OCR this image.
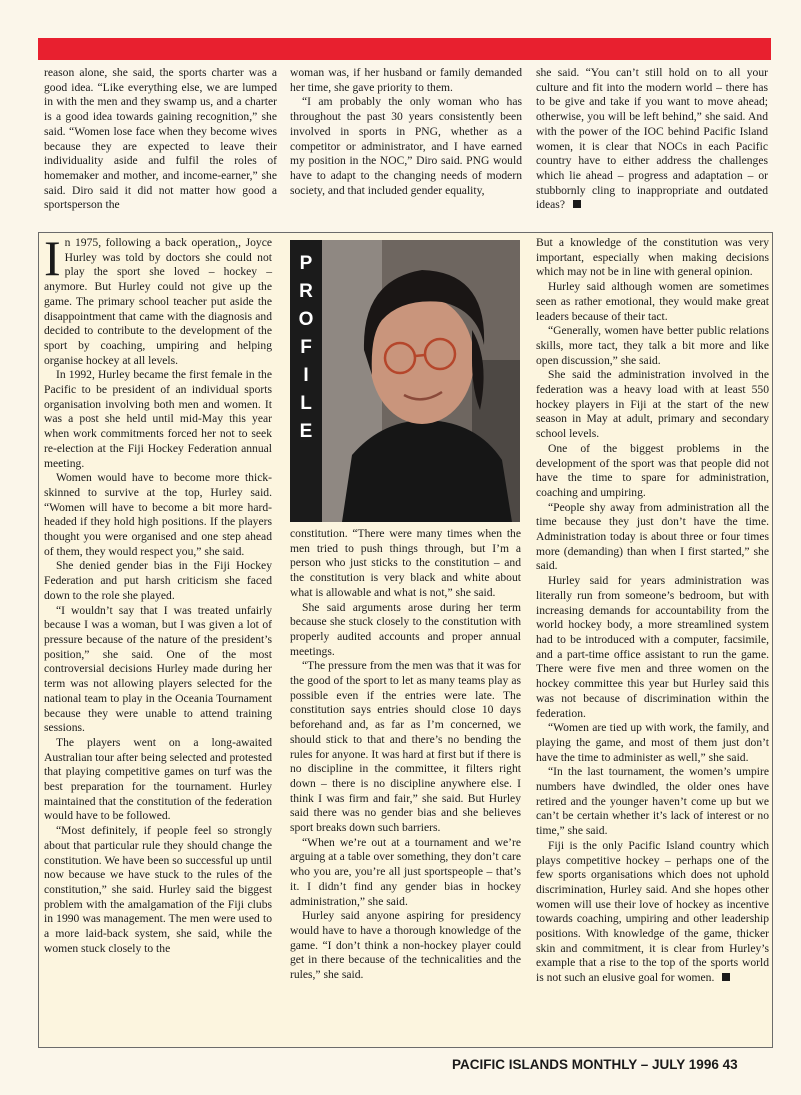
reason alone, she said, the sports charter was a good idea. “Like everything else, we are lumped in with the men and they swamp us, and a charter is a good idea towards gaining recognition,” she said. “Women lose face when they become wives because they are expected to leave their individuality aside and fulfil the roles of homemaker and mother, and income-earner,” she said. Diro said it did not matter how good a sportsperson the

woman was, if her husband or family demanded her time, she gave priority to them.

“I am probably the only woman who has throughout the past 30 years consistently been involved in sports in PNG, whether as a competitor or administrator, and I have earned my position in the NOC,” Diro said. PNG would have to adapt to the changing needs of modern society, and that included gender equality,

she said. “You can’t still hold on to all your culture and fit into the modern world – there has to be give and take if you want to move ahead; otherwise, you will be left behind,” she said. And with the power of the IOC behind Pacific Island women, it is clear that NOCs in each Pacific country have to either address the challenges which lie ahead – progress and adaptation – or stubbornly cling to inappropriate and outdated ideas?

P
R
O
F
I
L
E

In 1975, following a back operation,, Joyce Hurley was told by doctors she could not play the sport she loved – hockey – anymore. But Hurley could not give up the game. The primary school teacher put aside the disappointment that came with the diagnosis and decided to contribute to the development of the sport by coaching, umpiring and helping organise hockey at all levels.

In 1992, Hurley became the first female in the Pacific to be president of an individual sports organisation involving both men and women. It was a post she held until mid-May this year when work commitments forced her not to seek re-election at the Fiji Hockey Federation annual meeting.

Women would have to become more thick-skinned to survive at the top, Hurley said. “Women will have to become a bit more hard-headed if they hold high positions. If the players thought you were organised and one step ahead of them, they would respect you,” she said.

She denied gender bias in the Fiji Hockey Federation and put harsh criticism she faced down to the role she played.

“I wouldn’t say that I was treated unfairly because I was a woman, but I was given a lot of pressure because of the nature of the president’s position,” she said. One of the most controversial decisions Hurley made during her term was not allowing players selected for the national team to play in the Oceania Tournament because they were unable to attend training sessions.

The players went on a long-awaited Australian tour after being selected and protested that playing competitive games on turf was the best preparation for the tournament. Hurley maintained that the constitution of the federation would have to be followed.

“Most definitely, if people feel so strongly about that particular rule they should change the constitution. We have been so successful up until now because we have stuck to the rules of the constitution,” she said. Hurley said the biggest problem with the amalgamation of the Fiji clubs in 1990 was management. The men were used to a more laid-back system, she said, while the women stuck closely to the

constitution. “There were many times when the men tried to push things through, but I’m a person who just sticks to the constitution – and the constitution is very black and white about what is allowable and what is not,” she said.

She said arguments arose during her term because she stuck closely to the constitution with properly audited accounts and proper annual meetings.

“The pressure from the men was that it was for the good of the sport to let as many teams play as possible even if the entries were late. The constitution says entries should close 10 days beforehand and, as far as I’m concerned, we should stick to that and there’s no bending the rules for anyone. It was hard at first but if there is no discipline in the committee, it filters right down – there is no discipline anywhere else. I think I was firm and fair,” she said. But Hurley said there was no gender bias and she believes sport breaks down such barriers.

“When we’re out at a tournament and we’re arguing at a table over something, they don’t care who you are, you’re all just sportspeople – that’s it. I didn’t find any gender bias in hockey administration,” she said.

Hurley said anyone aspiring for presidency would have to have a thorough knowledge of the game. “I don’t think a non-hockey player could get in there because of the technicalities and the rules,” she said.

But a knowledge of the constitution was very important, especially when making decisions which may not be in line with general opinion.

Hurley said although women are sometimes seen as rather emotional, they would make great leaders because of their tact.

“Generally, women have better public relations skills, more tact, they talk a bit more and like open discussion,” she said.

She said the administration involved in the federation was a heavy load with at least 550 hockey players in Fiji at the start of the new season in May at adult, primary and secondary school levels.

One of the biggest problems in the development of the sport was that people did not have the time to spare for administration, coaching and umpiring.

“People shy away from administration all the time because they just don’t have the time. Administration today is about three or four times more (demanding) than when I first started,” she said.

Hurley said for years administration was literally run from someone’s bedroom, but with increasing demands for accountability from the world hockey body, a more streamlined system had to be introduced with a computer, facsimile, and a part-time office assistant to run the game. There were five men and three women on the hockey committee this year but Hurley said this was not because of discrimination within the federation.

“Women are tied up with work, the family, and playing the game, and most of them just don’t have the time to administer as well,” she said.

“In the last tournament, the women’s umpire numbers have dwindled, the older ones have retired and the younger haven’t come up but we can’t be certain whether it’s lack of interest or no time,” she said.

Fiji is the only Pacific Island country which plays competitive hockey – perhaps one of the few sports organisations which does not uphold discrimination, Hurley said. And she hopes other women will use their love of hockey as incentive towards coaching, umpiring and other leadership positions. With knowledge of the game, thicker skin and commitment, it is clear from Hurley’s example that a rise to the top of the sports world is not such an elusive goal for women.

PACIFIC ISLANDS MONTHLY – JULY 1996 43
